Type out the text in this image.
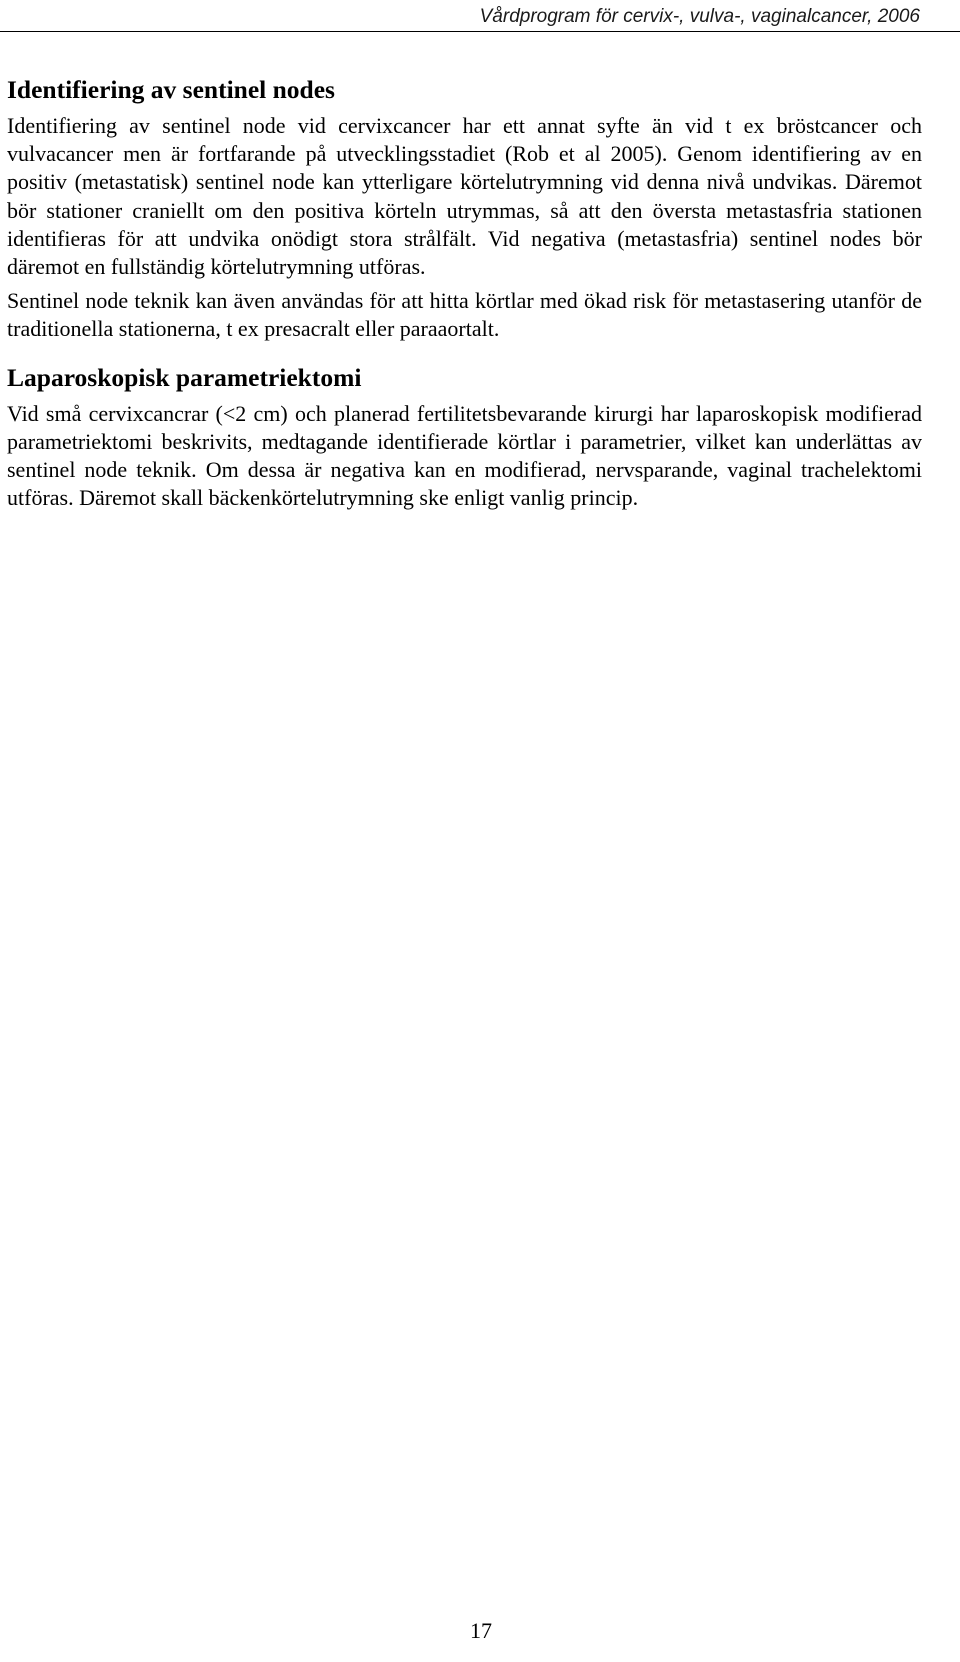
Vårdprogram för cervix-, vulva-, vaginalcancer, 2006
Identifiering av sentinel nodes

Identifiering av sentinel node vid cervixcancer har ett annat syfte än vid t ex bröstcancer och vulvacancer men är fortfarande på utvecklingsstadiet (Rob et al 2005). Genom identifiering av en positiv (metastatisk) sentinel node kan ytterligare körtelutrymning vid denna nivå undvikas. Däremot bör stationer craniellt om den positiva körteln utrymmas, så att den översta metastasfria stationen identifieras för att undvika onödigt stora strålfält. Vid negativa (metastasfria) sentinel nodes bör däremot en fullständig körtelutrymning utföras.

Sentinel node teknik kan även användas för att hitta körtlar med ökad risk för metastasering utanför de traditionella stationerna, t ex presacralt eller paraaortalt.

Laparoskopisk parametriektomi

Vid små cervixcancrar (<2 cm) och planerad fertilitetsbevarande kirurgi har laparoskopisk modifierad parametriektomi beskrivits, medtagande identifierade körtlar i parametrier, vilket kan underlättas av sentinel node teknik. Om dessa är negativa kan en modifierad, nervsparande, vaginal trachelektomi utföras. Däremot skall bäckenkörtelutrymning ske enligt vanlig princip.

17
